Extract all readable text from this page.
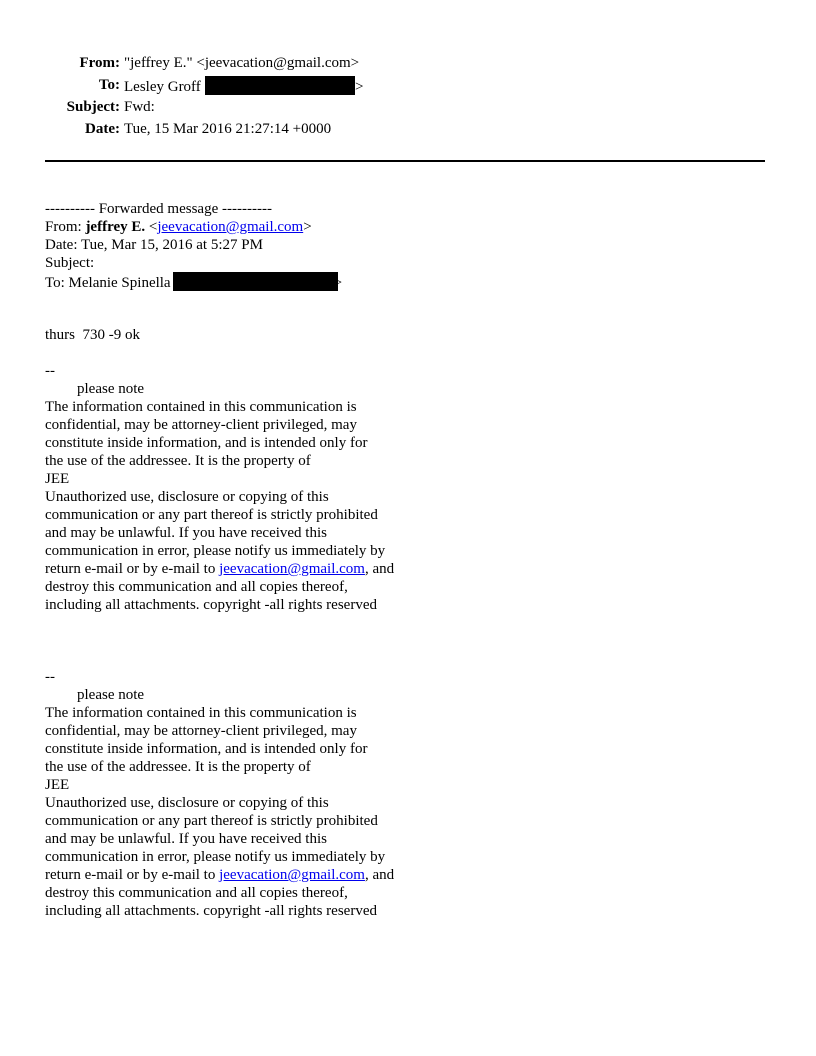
From: "jeffrey E." <jeevacation@gmail.com>
To: Lesley Groff	>
Subject: Fwd:
Date: Tue, 15 Mar 2016 21:27:14 +0000
---------- Forwarded message ----------
From: jeffrey E. <jeevacation@gmail.com>
Date: Tue, Mar 15, 2016 at 5:27 PM
Subject:
To: Melanie Spinella	>
thurs  730 -9 ok
--
please note
The information contained in this communication is
confidential, may be attorney-client privileged, may
constitute inside information, and is intended only for
the use of the addressee. It is the property of
JEE
Unauthorized use, disclosure or copying of this
communication or any part thereof is strictly prohibited
and may be unlawful. If you have received this
communication in error, please notify us immediately by
return e-mail or by e-mail to jeevacation@gmail.com, and
destroy this communication and all copies thereof,
including all attachments. copyright -all rights reserved
--
please note
The information contained in this communication is
confidential, may be attorney-client privileged, may
constitute inside information, and is intended only for
the use of the addressee. It is the property of
JEE
Unauthorized use, disclosure or copying of this
communication or any part thereof is strictly prohibited
and may be unlawful. If you have received this
communication in error, please notify us immediately by
return e-mail or by e-mail to jeevacation@gmail.com, and
destroy this communication and all copies thereof,
including all attachments. copyright -all rights reserved
